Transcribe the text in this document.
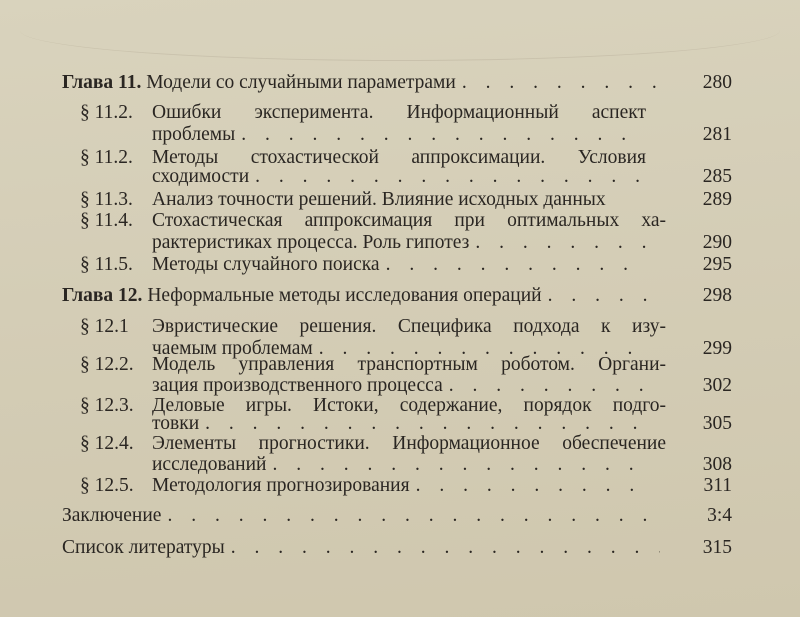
Глава 11.
Модели со случайными параметрами . . .	280
§ 11.2. Ошибки эксперимента. Информационный аспект
проблемы . . .	281
§ 11.2. Методы стохастической аппроксимации. Условия
сходимости . . .	285
§ 11.3. Анализ точности решений. Влияние исходных данных	289
§ 11.4. Стохастическая аппроксимация при оптимальных ха-
рактеристиках процесса. Роль гипотез . . .	290
§ 11.5. Методы случайного поиска . . .	295
Глава 12.
Неформальные методы исследования операций . . .	298
§ 12.1	Эвристические решения. Специфика подхода к изу-
чаемым проблемам . . .	299
§ 12.2. Модель управления транспортным роботом. Органи-
зация производственного процесса . . .	302
§ 12.3. Деловые игры. Истоки, содержание, порядок подго-
товки . . .	305
§ 12.4. Элементы прогностики. Информационное обеспечение
исследований . . .	308
§ 12.5. Методология прогнозирования . . .	311
Заключение . . .	3:4
Список литературы . . .	315
